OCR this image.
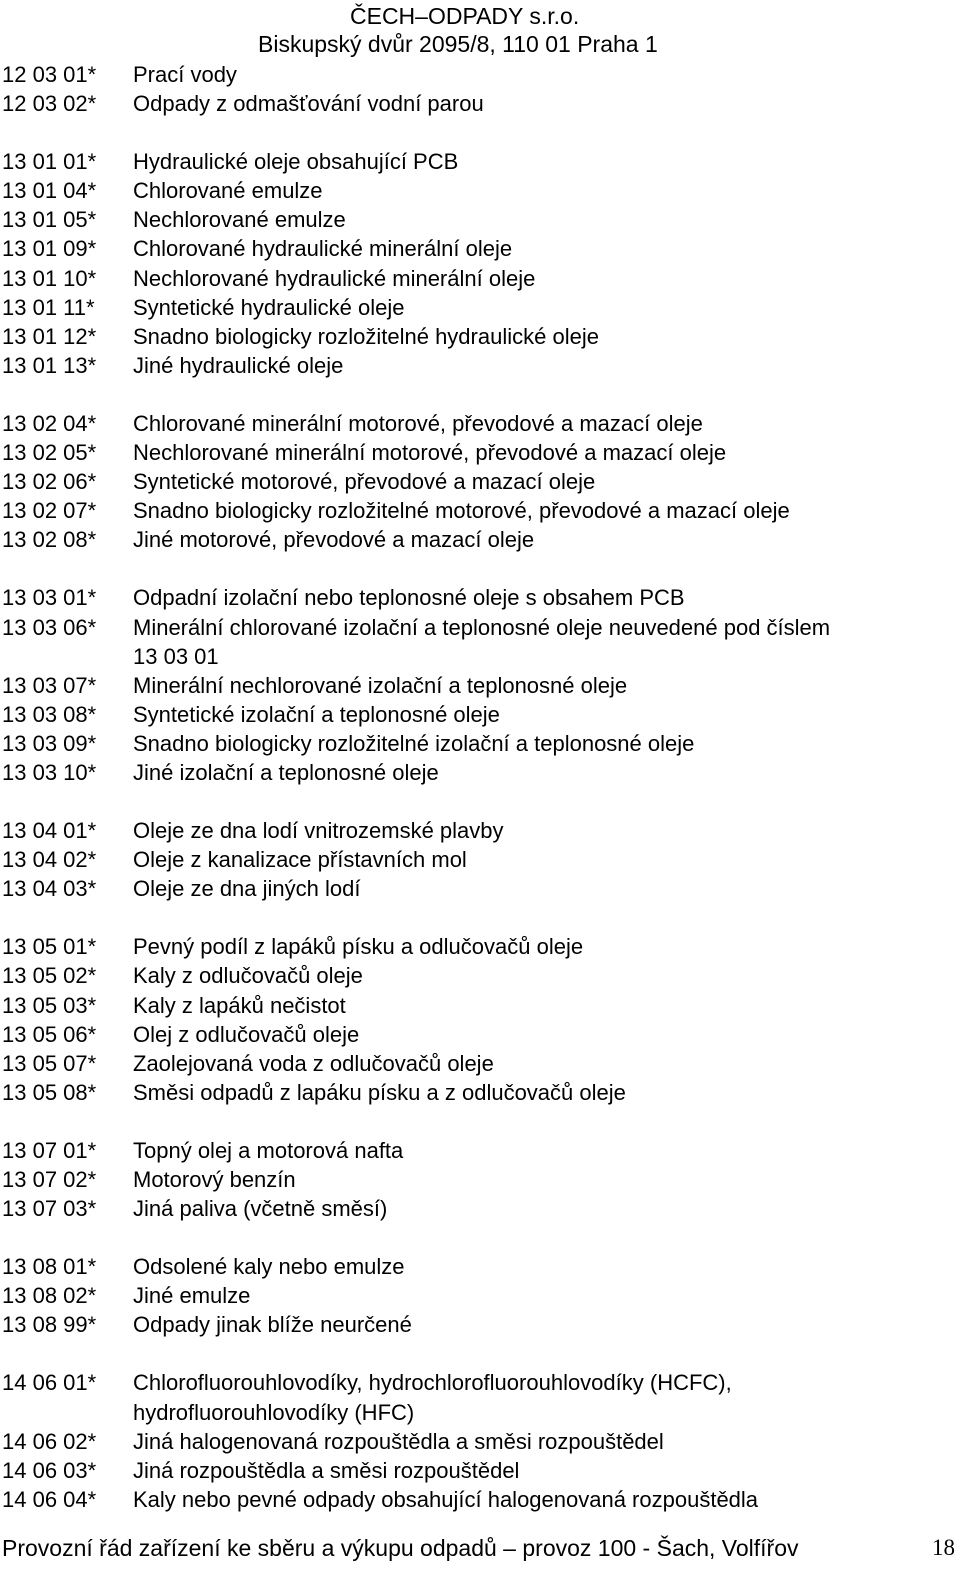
ČECH–ODPADY s.r.o.
Biskupský dvůr 2095/8, 110 01 Praha 1
12 03 01*	Prací vody
12 03 02*	Odpady z odmašťování vodní parou
13 01 01*	Hydraulické oleje obsahující PCB
13 01 04*	Chlorované emulze
13 01 05*	Nechlorované emulze
13 01 09*	Chlorované hydraulické minerální oleje
13 01 10*	Nechlorované hydraulické minerální oleje
13 01 11*	Syntetické hydraulické oleje
13 01 12*	Snadno biologicky rozložitelné hydraulické oleje
13 01 13*	Jiné hydraulické oleje
13 02 04*	Chlorované minerální motorové, převodové a mazací oleje
13 02 05*	Nechlorované minerální motorové, převodové a mazací oleje
13 02 06*	Syntetické motorové, převodové a mazací oleje
13 02 07*	Snadno biologicky rozložitelné motorové, převodové a mazací oleje
13 02 08*	Jiné motorové, převodové a mazací oleje
13 03 01*	Odpadní izolační nebo teplonosné oleje s obsahem PCB
13 03 06*	Minerální chlorované izolační a teplonosné oleje neuvedené pod číslem
13 03 01
13 03 07*	Minerální nechlorované izolační a teplonosné oleje
13 03 08*	Syntetické izolační a teplonosné oleje
13 03 09*	Snadno biologicky rozložitelné izolační a teplonosné oleje
13 03 10*	Jiné izolační a teplonosné oleje
13 04 01*	Oleje ze dna lodí vnitrozemské plavby
13 04 02*	Oleje z kanalizace přístavních mol
13 04 03*	Oleje ze dna jiných lodí
13 05 01*	Pevný podíl z lapáků písku a odlučovačů oleje
13 05 02*	Kaly z odlučovačů oleje
13 05 03*	Kaly z lapáků nečistot
13 05 06*	Olej z odlučovačů oleje
13 05 07*	Zaolejovaná voda z odlučovačů oleje
13 05 08*	Směsi odpadů z lapáku písku a z odlučovačů oleje
13 07 01*	Topný olej a motorová nafta
13 07 02*	Motorový benzín
13 07 03*	Jiná paliva (včetně směsí)
13 08 01*	Odsolené kaly nebo emulze
13 08 02*	Jiné emulze
13 08 99*	Odpady jinak blíže neurčené
14 06 01*	Chlorofluorouhlovodíky, hydrochlorofluorouhlovodíky (HCFC),
hydrofluorouhlovodíky (HFC)
14 06 02*	Jiná halogenovaná rozpouštědla a směsi rozpouštědel
14 06 03*	Jiná rozpouštědla a směsi rozpouštědel
14 06 04*	Kaly nebo pevné odpady obsahující halogenovaná rozpouštědla
Provozní řád zařízení ke sběru a výkupu odpadů – provoz 100 - Šach, Volfířov	18
